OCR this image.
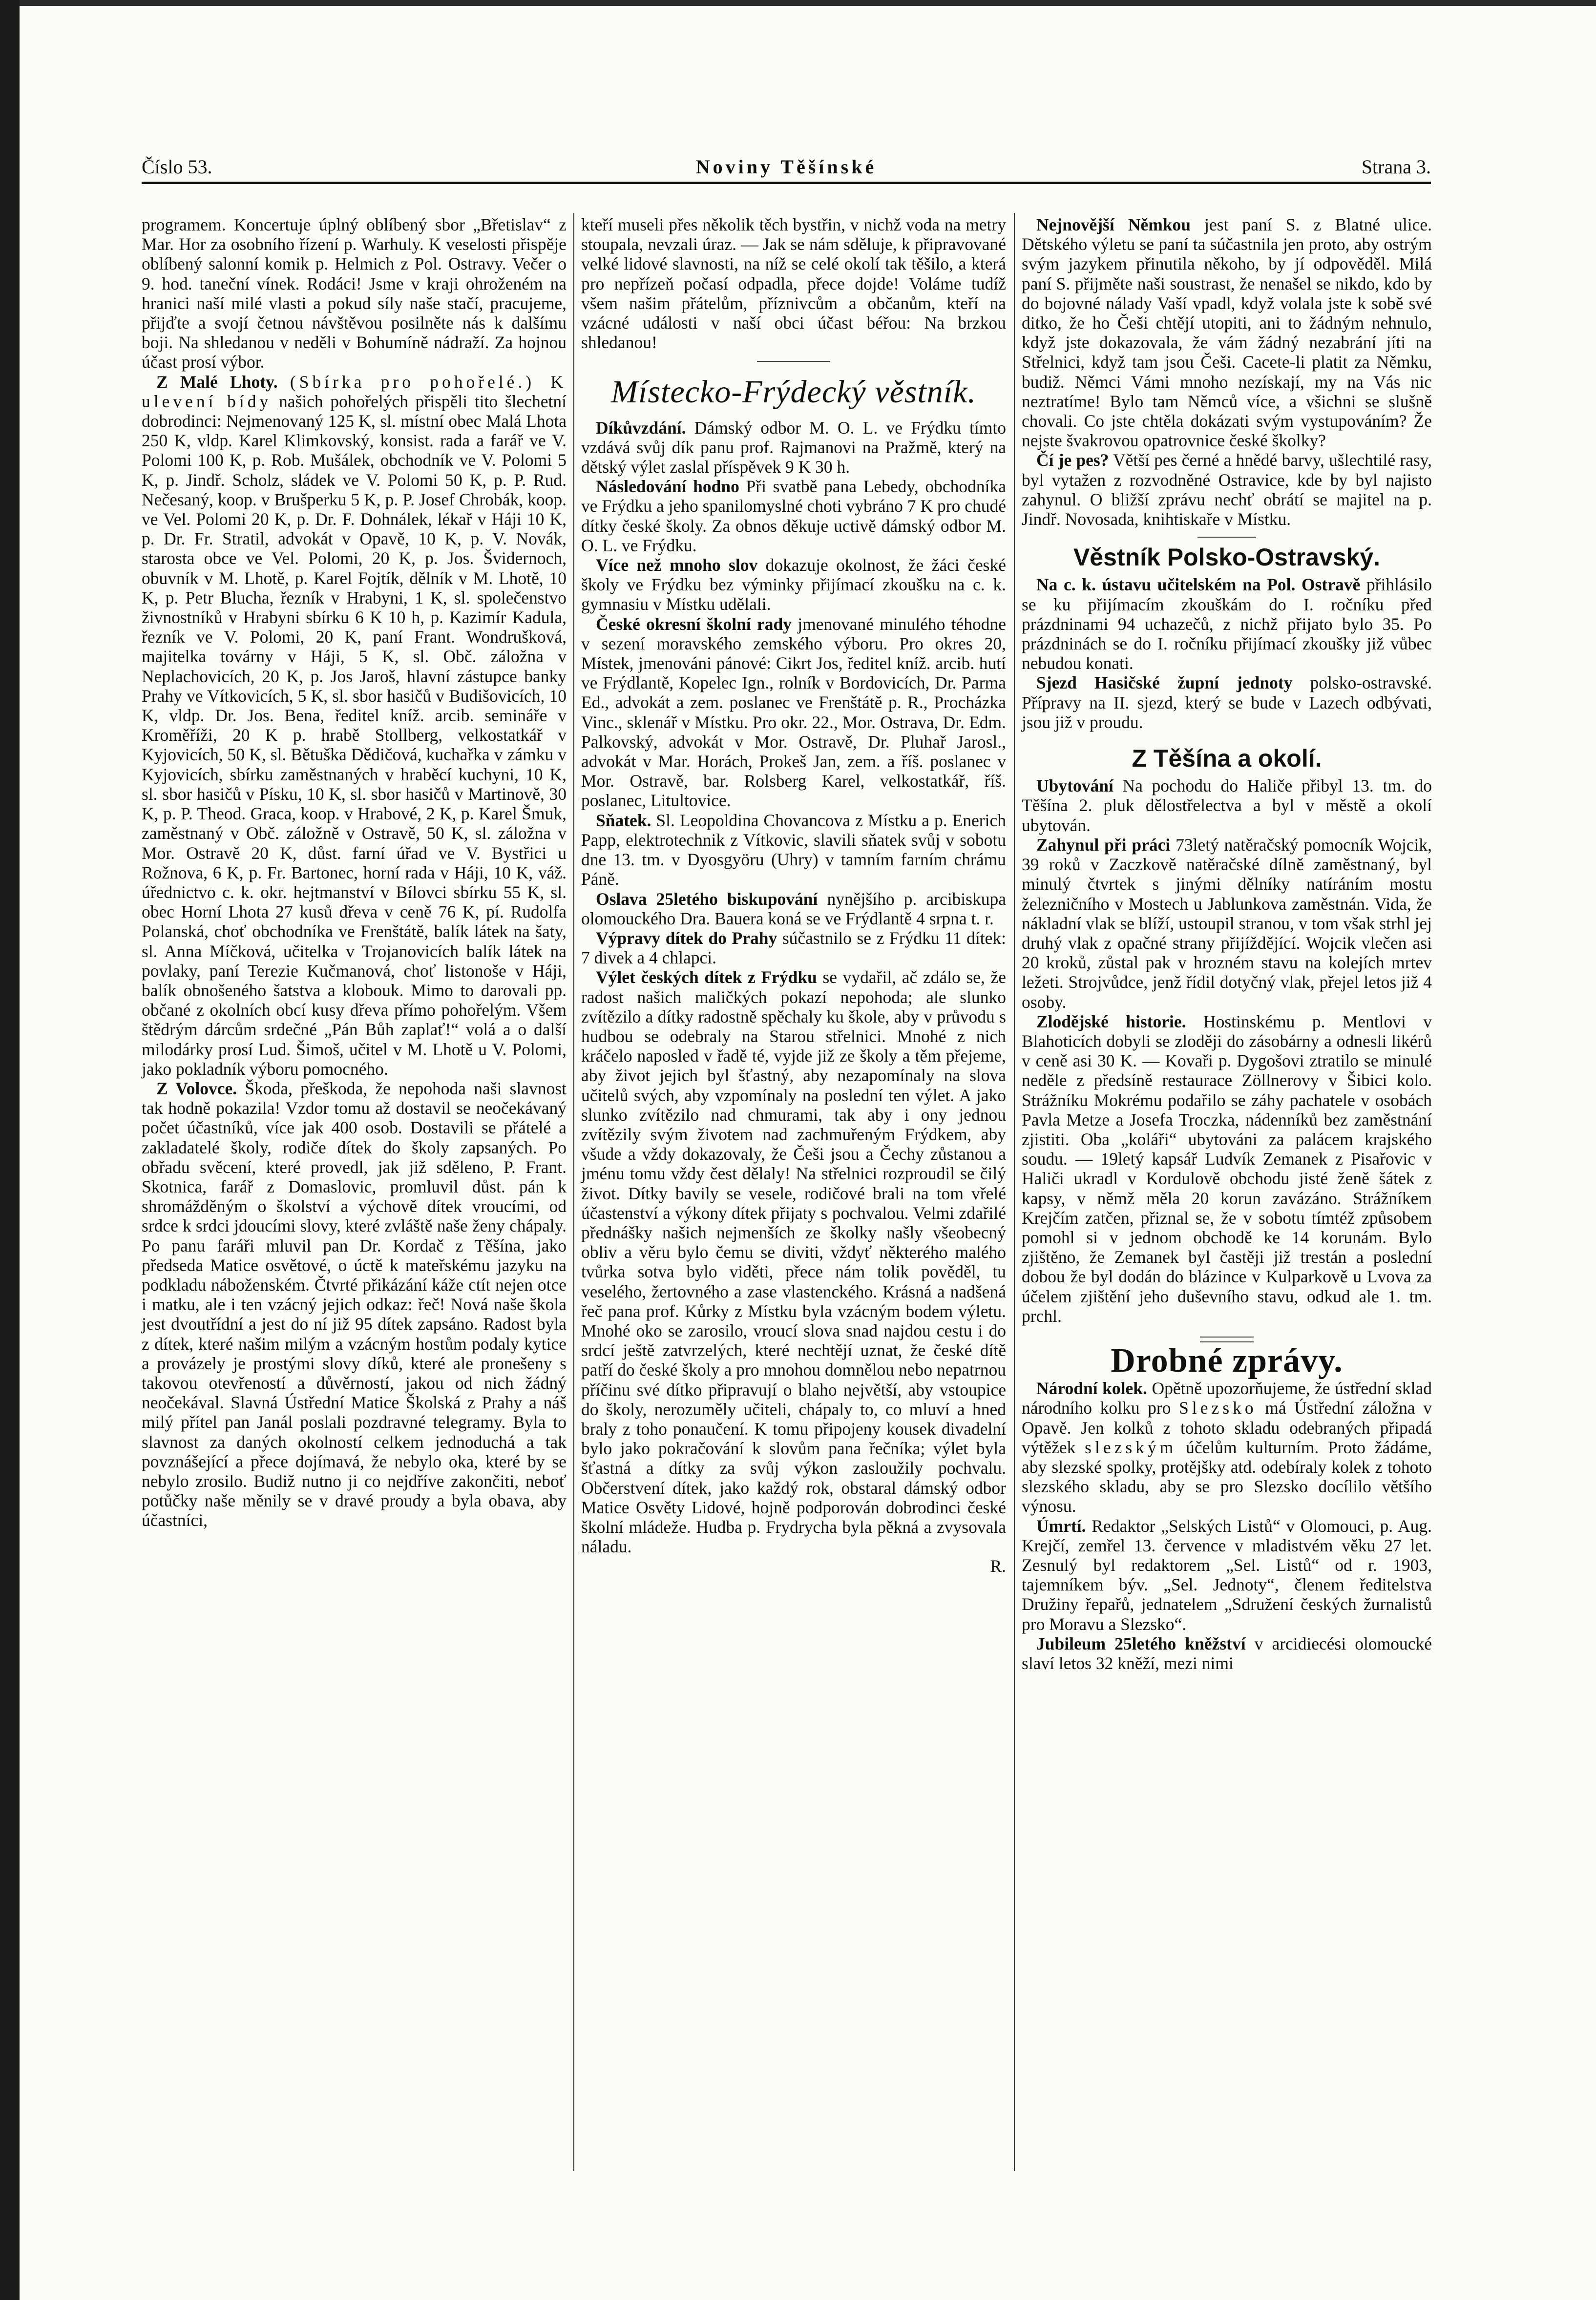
Číslo 53.	Noviny Těšínské	Strana 3.

programem. Koncertuje úplný oblíbený sbor „Břetislav“ z Mar. Hor za osobního řízení p. Warhuly. K veselosti přispěje oblíbený salonní komik p. Helmich z Pol. Ostravy. Večer o 9. hod. taneční vínek. Rodáci! Jsme v kraji ohroženém na hranici naší milé vlasti a pokud síly naše stačí, pracujeme, přijďte a svojí četnou návštěvou posilněte nás k dalšímu boji. Na shledanou v neděli v Bohumíně nádraží. Za hojnou účast prosí výbor.

Z Malé Lhoty. (Sbírka pro pohořelé.) K ulevení bídy našich pohořelých přispěli tito šlechetní dobrodinci: Nejmenovaný 125 K, sl. místní obec Malá Lhota 250 K, vldp. Karel Klimkovský, konsist. rada a farář ve V. Polomi 100 K, p. Rob. Mušálek, obchodník ve V. Polomi 5 K, p. Jindř. Scholz, sládek ve V. Polomi 50 K, p. P. Rud. Nečesaný, koop. v Brušperku 5 K, p. P. Josef Chrobák, koop. ve Vel. Polomi 20 K, p. Dr. F. Dohnálek, lékař v Háji 10 K, p. Dr. Fr. Stratil, advokát v Opavě, 10 K, p. V. Novák, starosta obce ve Vel. Polomi, 20 K, p. Jos. Švidernoch, obuvník v M. Lhotě, p. Karel Fojtík, dělník v M. Lhotě, 10 K, p. Petr Blucha, řezník v Hrabyni, 1 K, sl. společenstvo živnostníků v Hrabyni sbírku 6 K 10 h, p. Kazimír Kadula, řezník ve V. Polomi, 20 K, paní Frant. Wondrušková, majitelka továrny v Háji, 5 K, sl. Obč. záložna v Neplachovicích, 20 K, p. Jos Jaroš, hlavní zástupce banky Prahy ve Vítkovicích, 5 K, sl. sbor hasičů v Budišovicích, 10 K, vldp. Dr. Jos. Bena, ředitel kníž. arcib. semináře v Kroměříži, 20 K p. hrabě Stollberg, velkostatkář v Kyjovicích, 50 K, sl. Bětuška Dědičová, kuchařka v zámku v Kyjovicích, sbírku zaměstnaných v hraběcí kuchyni, 10 K, sl. sbor hasičů v Písku, 10 K, sl. sbor hasičů v Martinově, 30 K, p. P. Theod. Graca, koop. v Hrabové, 2 K, p. Karel Šmuk, zaměstnaný v Obč. záložně v Ostravě, 50 K, sl. záložna v Mor. Ostravě 20 K, důst. farní úřad ve V. Bystřici u Rožnova, 6 K, p. Fr. Bartonec, horní rada v Háji, 10 K, váž. úřednictvo c. k. okr. hejtmanství v Bílovci sbírku 55 K, sl. obec Horní Lhota 27 kusů dřeva v ceně 76 K, pí. Rudolfa Polanská, choť obchodníka ve Frenštátě, balík látek na šaty, sl. Anna Míčková, učitelka v Trojanovicích balík látek na povlaky, paní Terezie Kučmanová, choť listonoše v Háji, balík obnošeného šatstva a klobouk. Mimo to darovali pp. občané z okolních obcí kusy dřeva přímo pohořelým. Všem štědrým dárcům srdečné „Pán Bůh zaplať!“ volá a o další milodárky prosí Lud. Šimoš, učitel v M. Lhotě u V. Polomi, jako pokladník výboru pomocného.

Z Volovce. Škoda, přeškoda, že nepohoda naši slavnost tak hodně pokazila! Vzdor tomu až dostavil se neočekávaný počet účastníků, více jak 400 osob. Dostavili se přátelé a zakladatelé školy, rodiče dítek do školy zapsaných. Po obřadu svěcení, které provedl, jak již sděleno, P. Frant. Skotnica, farář z Domaslovic, promluvil důst. pán k shromážděným o školství a výchově dítek vroucími, od srdce k srdci jdoucími slovy, které zvláště naše ženy chápaly. Po panu faráři mluvil pan Dr. Kordač z Těšína, jako předseda Matice osvětové, o úctě k mateřskému jazyku na podkladu náboženském. Čtvrté přikázání káže ctít nejen otce i matku, ale i ten vzácný jejich odkaz: řeč! Nová naše škola jest dvoutřídní a jest do ní již 95 dítek zapsáno. Radost byla z dítek, které našim milým a vzácným hostům podaly kytice a provázely je prostými slovy díků, které ale pronešeny s takovou otevřeností a důvěrností, jakou od nich žádný neočekával. Slavná Ústřední Matice Školská z Prahy a náš milý přítel pan Janál poslali pozdravné telegramy. Byla to slavnost za daných okolností celkem jednoduchá a tak povznášející a přece dojímavá, že nebylo oka, které by se nebylo zrosilo. Budiž nutno ji co nejdříve zakončiti, neboť potůčky naše měnily se v dravé proudy a byla obava, aby účastníci,

kteří museli přes několik těch bystřin, v nichž voda na metry stoupala, nevzali úraz. — Jak se nám sděluje, k připravované velké lidové slavnosti, na níž se celé okolí tak těšilo, a která pro nepřízeň počasí odpadla, přece dojde! Voláme tudíž všem našim přátelům, příznivcům a občanům, kteří na vzácné události v naší obci účast béřou: Na brzkou shledanou!

Místecko-Frýdecký věstník.

Díkůvzdání. Dámský odbor M. O. L. ve Frýdku tímto vzdává svůj dík panu prof. Rajmanovi na Pražmě, který na dětský výlet zaslal příspěvek 9 K 30 h.

Následování hodno Při svatbě pana Lebedy, obchodníka ve Frýdku a jeho spanilomyslné choti vybráno 7 K pro chudé dítky české školy. Za obnos děkuje uctivě dámský odbor M. O. L. ve Frýdku.

Více než mnoho slov dokazuje okolnost, že žáci české školy ve Frýdku bez výminky přijímací zkoušku na c. k. gymnasiu v Místku udělali.

České okresní školní rady jmenované minulého téhodne v sezení moravského zemského výboru. Pro okres 20, Místek, jmenováni pánové: Cikrt Jos, ředitel kníž. arcib. hutí ve Frýdlantě, Kopelec Ign., rolník v Bordovicích, Dr. Parma Ed., advokát a zem. poslanec ve Frenštátě p. R., Procházka Vinc., sklenář v Místku. Pro okr. 22., Mor. Ostrava, Dr. Edm. Palkovský, advokát v Mor. Ostravě, Dr. Pluhař Jarosl., advokát v Mar. Horách, Prokeš Jan, zem. a říš. poslanec v Mor. Ostravě, bar. Rolsberg Karel, velkostatkář, říš. poslanec, Litultovice.

Sňatek. Sl. Leopoldina Chovancova z Místku a p. Enerich Papp, elektrotechnik z Vítkovic, slavili sňatek svůj v sobotu dne 13. tm. v Dyosgyöru (Uhry) v tamním farním chrámu Páně.

Oslava 25letého biskupování nynějšího p. arcibiskupa olomouckého Dra. Bauera koná se ve Frýdlantě 4 srpna t. r.

Výpravy dítek do Prahy súčastnilo se z Frýdku 11 dítek: 7 divek a 4 chlapci.

Výlet českých dítek z Frýdku se vydařil, ač zdálo se, že radost našich maličkých pokazí nepohoda; ale slunko zvítězilo a dítky radostně spěchaly ku škole, aby v průvodu s hudbou se odebraly na Starou střelnici. Mnohé z nich kráčelo naposled v řadě té, vyjde již ze školy a těm přejeme, aby život jejich byl šťastný, aby nezapomínaly na slova učitelů svých, aby vzpomínaly na poslední ten výlet. A jako slunko zvítězilo nad chmurami, tak aby i ony jednou zvítězily svým životem nad zachmuřeným Frýdkem, aby všude a vždy dokazovaly, že Češi jsou a Čechy zůstanou a jménu tomu vždy čest dělaly! Na střelnici rozproudil se čilý život. Dítky bavily se vesele, rodičové brali na tom vřelé účastenství a výkony dítek přijaty s pochvalou. Velmi zdařilé přednášky našich nejmenších ze školky našly všeobecný obliv a věru bylo čemu se diviti, vždyť některého malého tvůrka sotva bylo viděti, přece nám tolik pověděl, tu veselého, žertovného a zase vlastenckého. Krásná a nadšená řeč pana prof. Kůrky z Místku byla vzácným bodem výletu. Mnohé oko se zarosilo, vroucí slova snad najdou cestu i do srdcí ještě zatvrzelých, které nechtějí uznat, že české dítě patří do české školy a pro mnohou domnělou nebo nepatrnou příčinu své dítko připravují o blaho největší, aby vstoupice do školy, nerozuměly učiteli, chápaly to, co mluví a hned braly z toho ponaučení. K tomu připojeny kousek divadelní bylo jako pokračování k slovům pana řečníka; výlet byla šťastná a dítky za svůj výkon zasloužily pochvalu. Občerstvení dítek, jako každý rok, obstaral dámský odbor Matice Osvěty Lidové, hojně podporován dobrodinci české školní mládeže. Hudba p. Frydrycha byla pěkná a zvysovala náladu.

R.

Nejnovější Němkou jest paní S. z Blatné ulice. Dětského výletu se paní ta súčastnila jen proto, aby ostrým svým jazykem přinutila někoho, by jí odpověděl. Milá paní S. přijměte naši soustrast, že nenašel se nikdo, kdo by do bojovné nálady Vaší vpadl, když volala jste k sobě své ditko, že ho Češi chtějí utopiti, ani to žádným nehnulo, když jste dokazovala, že vám žádný nezabrání jíti na Střelnici, když tam jsou Češi. Cacete-li platit za Němku, budiž. Němci Vámi mnoho nezískají, my na Vás nic neztratíme! Bylo tam Němců více, a všichni se slušně chovali. Co jste chtěla dokázati svým vystupováním? Že nejste švakrovou opatrovnice české školky?

Čí je pes? Větší pes černé a hnědé barvy, ušlechtilé rasy, byl vytažen z rozvodněné Ostravice, kde by byl najisto zahynul. O bližší zprávu nechť obrátí se majitel na p. Jindř. Novosada, knihtiskaře v Místku.

Věstník Polsko-Ostravský.

Na c. k. ústavu učitelském na Pol. Ostravě přihlásilo se ku přijímacím zkouškám do I. ročníku před prázdninami 94 uchazečů, z nichž přijato bylo 35. Po prázdninách se do I. ročníku přijímací zkoušky již vůbec nebudou konati.

Sjezd Hasičské župní jednoty polsko-ostravské. Přípravy na II. sjezd, který se bude v Lazech odbývati, jsou již v proudu.

Z Těšína a okolí.

Ubytování Na pochodu do Haliče přibyl 13. tm. do Těšína 2. pluk dělostřelectva a byl v městě a okolí ubytován.

Zahynul při práci 73letý natěračský pomocník Wojcik, 39 roků v Zaczkově natěračské dílně zaměstnaný, byl minulý čtvrtek s jinými dělníky natíráním mostu železničního v Mostech u Jablunkova zaměstnán. Vida, že nákladní vlak se blíží, ustoupil stranou, v tom však strhl jej druhý vlak z opačné strany přijíždějící. Wojcik vlečen asi 20 kroků, zůstal pak v hrozném stavu na kolejích mrtev ležeti. Strojvůdce, jenž řídil dotyčný vlak, přejel letos již 4 osoby.

Zlodějské historie. Hostinskému p. Mentlovi v Blahoticích dobyli se zloději do zásobárny a odnesli likérů v ceně asi 30 K. — Kovaři p. Dygošovi ztratilo se minulé neděle z předsíně restaurace Zöllnerovy v Šibici kolo. Strážníku Mokrému podařilo se záhy pachatele v osobách Pavla Metze a Josefa Troczka, nádenníků bez zaměstnání zjistiti. Oba „koláři“ ubytováni za palácem krajského soudu. — 19letý kapsář Ludvík Zemanek z Pisařovic v Haliči ukradl v Kordulově obchodu jisté ženě šátek z kapsy, v němž měla 20 korun zavázáno. Strážníkem Krejčím zatčen, přiznal se, že v sobotu tímtéž způsobem pomohl si v jednom obchodě ke 14 korunám. Bylo zjištěno, že Zemanek byl častěji již trestán a poslední dobou že byl dodán do blázince v Kulparkově u Lvova za účelem zjištění jeho duševního stavu, odkud ale 1. tm. prchl.

Drobné zprávy.

Národní kolek. Opětně upozorňujeme, že ústřední sklad národního kolku pro Slezsko má Ústřední záložna v Opavě. Jen kolků z tohoto skladu odebraných připadá výtěžek slezským účelům kulturním. Proto žádáme, aby slezské spolky, protějšky atd. odebíraly kolek z tohoto slezského skladu, aby se pro Slezsko docílilo většího výnosu.

Úmrtí. Redaktor „Selských Listů“ v Olomouci, p. Aug. Krejčí, zemřel 13. července v mladistvém věku 27 let. Zesnulý byl redaktorem „Sel. Listů“ od r. 1903, tajemníkem býv. „Sel. Jednoty“, členem ředitelstva Družiny řepařů, jednatelem „Sdružení českých žurnalistů pro Moravu a Slezsko“.

Jubileum 25letého kněžství v arcidiecési olomoucké slaví letos 32 kněží, mezi nimi
